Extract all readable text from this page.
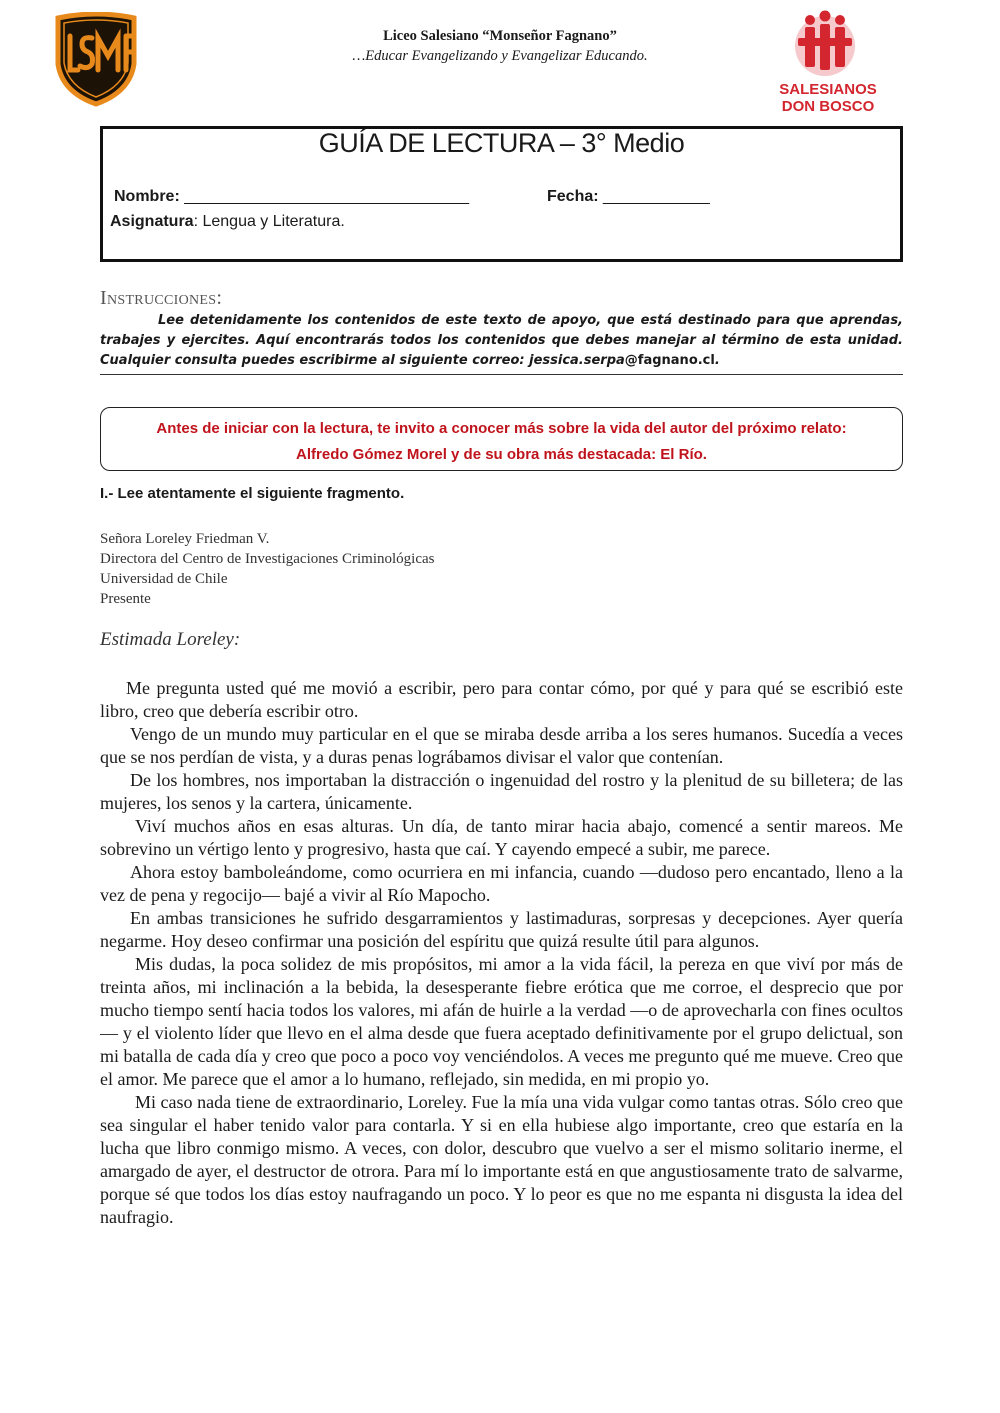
Liceo Salesiano “Monseñor Fagnano”
…Educar Evangelizando y Evangelizar Educando.
SALESIANOS
DON BOSCO
GUÍA DE LECTURA – 3° Medio
Nombre: ________________________________	Fecha: ____________
Asignatura: Lengua y Literatura.
Instrucciones:
Lee detenidamente los contenidos de este texto de apoyo, que está destinado para que aprendas, trabajes y ejercites. Aquí encontrarás todos los contenidos que debes manejar al término de esta unidad. Cualquier consulta puedes escribirme al siguiente correo: jessica.serpa@fagnano.cl.
Antes de iniciar con la lectura, te invito a conocer más sobre la vida del autor del próximo relato:
Alfredo Gómez Morel y de su obra más destacada: El Río.
I.- Lee atentamente el siguiente fragmento.
Señora Loreley Friedman V.
Directora del Centro de Investigaciones Criminológicas
Universidad de Chile
Presente
Estimada Loreley:

Me pregunta usted qué me movió a escribir, pero para contar cómo, por qué y para qué se escribió este libro, creo que debería escribir otro.

Vengo de un mundo muy particular en el que se miraba desde arriba a los seres humanos. Sucedía a veces que se nos perdían de vista, y a duras penas lográbamos divisar el valor que contenían.

De los hombres, nos importaban la distracción o ingenuidad del rostro y la plenitud de su billetera; de las mujeres, los senos y la cartera, únicamente.

Viví muchos años en esas alturas. Un día, de tanto mirar hacia abajo, comencé a sentir mareos. Me sobrevino un vértigo lento y progresivo, hasta que caí. Y cayendo empecé a subir, me parece.

Ahora estoy bamboleándome, como ocurriera en mi infancia, cuando —dudoso pero encantado, lleno a la vez de pena y regocijo— bajé a vivir al Río Mapocho.

En ambas transiciones he sufrido desgarramientos y lastimaduras, sorpresas y decepciones. Ayer quería negarme. Hoy deseo confirmar una posición del espíritu que quizá resulte útil para algunos.

Mis dudas, la poca solidez de mis propósitos, mi amor a la vida fácil, la pereza en que viví por más de treinta años, mi inclinación a la bebida, la desesperante fiebre erótica que me corroe, el desprecio que por mucho tiempo sentí hacia todos los valores, mi afán de huirle a la verdad —o de aprovecharla con fines ocultos— y el violento líder que llevo en el alma desde que fuera aceptado definitivamente por el grupo delictual, son mi batalla de cada día y creo que poco a poco voy venciéndolos. A veces me pregunto qué me mueve. Creo que el amor. Me parece que el amor a lo humano, reflejado, sin medida, en mi propio yo.

Mi caso nada tiene de extraordinario, Loreley. Fue la mía una vida vulgar como tantas otras. Sólo creo que sea singular el haber tenido valor para contarla. Y si en ella hubiese algo importante, creo que estaría en la lucha que libro conmigo mismo. A veces, con dolor, descubro que vuelvo a ser el mismo solitario inerme, el amargado de ayer, el destructor de otrora. Para mí lo importante está en que angustiosamente trato de salvarme, porque sé que todos los días estoy naufragando un poco. Y lo peor es que no me espanta ni disgusta la idea del naufragio.
